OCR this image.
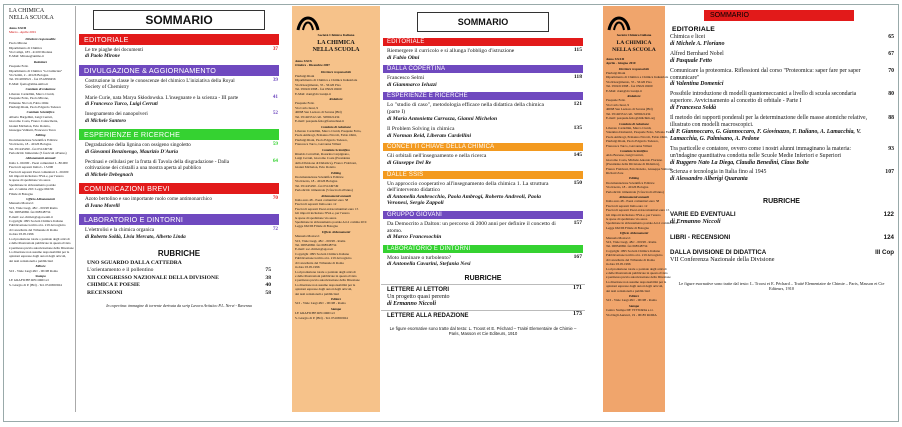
LA CHIMICA
NELLA SCUOLA
Anno XXIII
Marzo - Aprile 2001
Direttore responsabile
Paolo Mirone
Dipartimento di Chimica
Via Campi, 183 - 41100 Modena
E-Mail: Mirone@unimo.it
Redattore
Pasquale Fetto
Dipartimento di Chimica "G.Ciamician"
Via Selmi, 2 - 40126 Bologna
Tel. 0512099521 - fax 0512099456
E-Mail: fpetto@alma.unibo.it
Comitato di redazione
Liberato Cardellini, Marco Ciardi,
Pasquale Fetto, Paolo Mirone,
Ermanno Niccoli, Fabio Olmi
Pierluigi Riani, Paolo Edgardo Todesco
Comitato Scientifico
Alberto Bargellini, Luigi Cerruti,
Giacomo Costa, Franco Calascibetta,
Gianni Michelon, Ezio Roletto,
Giuseppe Valitutti, Francesca Turco
Editing
Documentazione Scientifica Editrice
Via Irnerio, 18 - 40126 Bologna
Tel. 051245290 - fax 051249749
Periodicità: bimestrale (5 fascicoli all'anno)
Abbonamenti annuali
Italia L. 60.000 - Paesi comunitari L. 80.000
Fascicoli separati Italia L. 15.000
Fascicoli separati Paesi comunitari L. 20.000
Gli importi includono l'IVA e, per l'estero
le spese di spedizione via aerea
Spedizione in abbonamento postale
Art. 2 comma 20/C Legge 662/96
Filiale di Bologna
Ufficio Abbonamenti
Manuela Mostacci
SCI, Viale Liegi, 48/c - 00198 Roma
Tel. 068549691 fax 068548734
E-mail: soc.chim.it@agora.stm.it
Copyright 1995 Società Chimica Italiana
Pubblicazione iscritta al n. 219 del registro
di Cancelleria del Tribunale di Roma
in data 03.05.1996
La riproduzione totale o parziale degli articoli
e delle illustrazioni pubblicate in questa rivista
è permessa previa autorizzazione della Direzione
La direzione non assume responsabilità per le
opinioni espresse dagli autori degli articoli,
dei testi redazionali e pubblicitari
Editore
SCI - Viale Liegi 48/c - 00198 Roma
Stampa
LE GRAFICHE RECORD srl
S. Giorgio di P. (BO) - Tel. 0516650024
SOMMARIO
EDITORIALE
Le tre piaghe dei documenti
di Paolo Mirone
37
DIVULGAZIONE & AGGIORNAMENTO
Costruzione in classe le conoscenze del chimico L'iniziativa della Royal Society of Chemistry
39
Marie Curie, nata Marya Skłodowska. L'insegnante e la scienza - III parte
di Francesco Turco, Luigi Cerruti
41
Insegnamento dei nanopolveri
di Michele Santoro
52
ESPERIENZE E RICERCHE
Degradazione della lignina con ossigeno singoletto
di Giovanni Benzinengo, Maurizio D'Auria
59
Pectinasi e cellulasi per la frutta di Tavola della disgradazione - Dalla coltivazione dei cristalli a una mostra aperta al pubblico
di Michele Debegnach
64
COMUNICAZIONI BREVI
Azoto bertolino e suo importante ruolo come antimonarchico
di Ivano Morelli
70
LABORATORIO E DINTORNI
L'elettrolisi e la chimica organica
di Roberto Soldà, Livia Mercato, Alberto Linda
72
RUBRICHE
UNO SGUARDO DALLA CATTEDRA
L'orientamento e il pollentino	75
XII CONGRESSO NAZIONALE DELLA DIVISIONE	38
CHIMICA E POESIE	40
RECENSIONI	58
In copertina: immagine di torrente derivata da scrip Lavora Artistico P.L. Nervi - Ravenna
Società Chimica Italiana
LA CHIMICA
NELLA SCUOLA
Anno XXIX
Ottobre - Dicembre 2007
Direttore responsabile
Pierluigi Riani
Dipartimento di Chimica e Chimica Industriale
Via Risorgimento, 35 - 56126 Pisa
Tel. 0502219398 - fax 0502219260
E-Mail: riani@dcci.unipi.it
Redattore
Pasquale Fetto
Via Carlo Iussi, 9
40068 San Lazzaro di Savena (BO)
Tel. 051463312 cell. 3280221434
E-mail: pasquale.fetto@fastwebnet.it
Comitato di redazione
Liberato Cardellini, Marco Ciardi, Pasquale Fetto,
Paola Ambrogi, Ermanno Niccoli, Fabio Olmi,
Pierluigi Riani, Paolo Edgardo Todesco,
Francesca Turco, Giovanna Villani
Comitato Scientifico
Rinaldo Cervellati, Rosarina Carpignano,
Luigi Cerruti, Giacomo Costa (Presidente
della Divisione di Didattica), Franco Frabboni,
Gianni Michelon, Ezio Roletto
Editing
Documentazione Scientifica Editrice
Via Irnerio, 18 - 40126 Bologna
Tel. 051245290 - fax 051249749
Periodicità: trimestrale (5 fascicoli all'anno)
Abbonamenti annuali
Italia euro 48 - Paesi comunitari euro 58
Fascicoli separati Italia euro 12
Fascicoli separati Paesi extracomunitari euro 15
Gli importi includono l'IVA e, per l'estero
le spese di spedizione via aerea
Spedizione in abbonamento postale Art.2 comma 20/C
Legge 662/96 Filiale di Bologna
Ufficio Abbonamenti
Manuela Mostacci
SCI, Viale Liegi, 48/c - 00198 - Roma
Tel. 068549691 fax 068548734
E-mail: soc.chim.it@agora.it
Copyright 1995 Società Chimica Italiana
Pubblicazione iscritta al n. 219 del registro
di Cancelleria del Tribunale di Roma
in data 03.05.1996
La riproduzione totale o parziale degli articoli
e delle illustrazioni pubblicate in questa rivista
è permessa previa autorizzazione della Direzione
La direzione non assume responsabilità per le
opinioni espresse dagli autori degli articoli,
dei testi redazionali e pubblicitari
Editore
SCI - Viale Liegi 48/c - 00198 - Roma
Stampa
LE GRAFICHE RECORD srl
S. Giorgio di P. (BO) - Tel. 0516650024
SOMMARIO
EDITORIALE
Riemergere il curricolo e si allunga l'obbligo d'istruzione
di Fabio Olmi
115
DALLA COPERTINA
Francesco Selmi
di Giammarco Ieluzzi
118
ESPERIENZE E RICERCHE
Lo "studio di caso", metodologia efficace nella didattica della chimica (parte I)
di Maria Antonietta Carrozza, Gianni Michelon
121
Il Problem Solving in chimica
di Norman Reid, Liberato Cardellini
135
CONCETTI CHIAVE DELLA CHIMICA
Gli orbitali nell'insegnamento e nella ricerca
di Giuseppe Del Re
145
DALLE SSIS
Un approccio cooperativo all'insegnamento della chimica 1. La struttura dell'intervento didattico
di Antonella Ambrocchio, Paola Ambrogi, Roberto Andreoli, Paola Veronesi, Sergio Zappoli
150
GRUPPO GIOVANI
Da Democrito a Dalton: un percorso di 2000 anni per definire il concetto di atomo.
di Marco Francesochin
157
LABORATORIO E DINTORNI
Moto laminare o turbolento?
di Antonella Cavarini, Stefania Nesi
167
RUBRICHE
LETTERE AI LETTORI
Un progetto quasi perento
di Ermanno Niccoli
171
LETTERE ALLA REDAZIONE	173
Le figure esornative sono tratte dal testo: L. Troost et E. Péchard – Traité Elementaire de Chimie – Paris, Masson et Cie Editeurs, 1910
Società Chimica Italiana
LA CHIMICA
NELLA SCUOLA
Anno XXXII
Aprile - Giugno 2010
Direttore responsabile
Pierluigi Riani
Dipartimento di Chimica e Chimica Industriale
Via Risorgimento, 35 - 56126 Pisa
Tel. 0502219398 - fax 0502219260
E-Mail: riani@dcci.unipi.it
Redattore
Pasquale Fetto
Via Carlo Iussi, 9
40068 San Lazzaro di Savena (BO)
Tel. 051463312 cell. 3280221434
E-mail: pasquale.fetto@didichim.org
Comitato di redazione
Liberato Cardellini, Marco Ciardi,
Valentina Domenici, Pasquale Fetto, Silvano Fuso,
Paola Ambrogi, Ermanno Niccoli, Fabio Olmi,
Pierluigi Riani, Paolo Edgardo Todesco,
Francesca Turco, Giovanna Villani
Comitato Scientifico
Aldo Borsese, Luigi Cerruti,
Giacomo Costa, Michele Antonio Floriano
(Presidente della Divisione di Didattica),
Franco Frabboni, Ezio Roletto, Giuseppe Valitutti,
Richard Zare
Editing
Documentazione Scientifica Editrice
Via Irnerio, 18 - 40126 Bologna
Periodicità: trimestrale (5 fascicoli all'anno)
Abbonamenti annuali
Italia euro 48 - Paesi comunitari euro 58
Fascicoli separati Italia euro 12
Fascicoli separati Paesi extracomunitari euro 15
Gli importi includono l'IVA e, per l'estero
le spese di spedizione via aerea
Spedizione in abbonamento postale Art.2 comma 20/C
Legge 662/96 Filiale di Bologna
Ufficio Abbonamenti
Manuela Mostacci
SCI, Viale Liegi, 48/c - 00198 - Roma
Tel. 068549691 fax 068548734
Copyright 1995 Società Chimica Italiana
Pubblicazione iscritta al n. 219 del registro
di Cancelleria del Tribunale di Roma
in data 03.05.1996
La riproduzione totale o parziale degli articoli
e delle illustrazioni pubblicate in questa rivista
è permessa previa autorizzazione della Direzione
La direzione non assume responsabilità per le
opinioni espresse dagli autori degli articoli,
dei testi redazionali e pubblicitari
Editore
SCI - Viale Liegi 48/c - 00198 - Roma
Stampa
Centro Stampa DE VITTORIA s.r.l.
Via Degli Aurunci, 19 - 00185 ROMA
SOMMARIO
EDITORIALE
Chimica e licei
di Michele A. Floriano
65
Alfred Bernhard Nobel
di Pasquale Fetto
67
Comunicare la proteomica. Riflessioni dal corso "Proteomica: saper fare per saper comunicare"
di Valentina Domenici
70
Possibile introduzione di modelli quantomeccanici a livello di scuola secondaria superiore. Avvicinamento al concetto di orbitale - Parte I
di Francesca Soldà
80
Il metodo dei rapporti ponderali per la determinazione delle masse atomiche relative, illustrato con modelli macroscopici.
di P. Giannoccaro, G. Giannoccaro, F. Giovinazzo, F. Italiano, A. Lamacchia, V. Lamacchia, G. Palmisano, A. Pedone
88
Tra particelle e contatore, ovvero come i nostri alunni immaginano la materia: un'indagine quantitativa condotta nelle Scuole Medie Inferiori e Superiori
di Ruggero Nato La Diega, Claudia Benedini, Claus Bolte
93
Scienza e tecnologia in Italia fino al 1945
di Alessandro Alberigi Quaranta
107
RUBRICHE
VARIE ED EVENTUALI
di Ermanno Niccoli
122
LIBRI - RECENSIONI	124
DALLA DIVISIONE DI DIDATTICA
VII Conferenza Nazionale della Divisione
III Cop
Le figure esornative sono tratte dal testo: L. Troost et E. Péchard – Traité Elementaire de Chimie – Paris, Masson et Cie Editeurs, 1910
